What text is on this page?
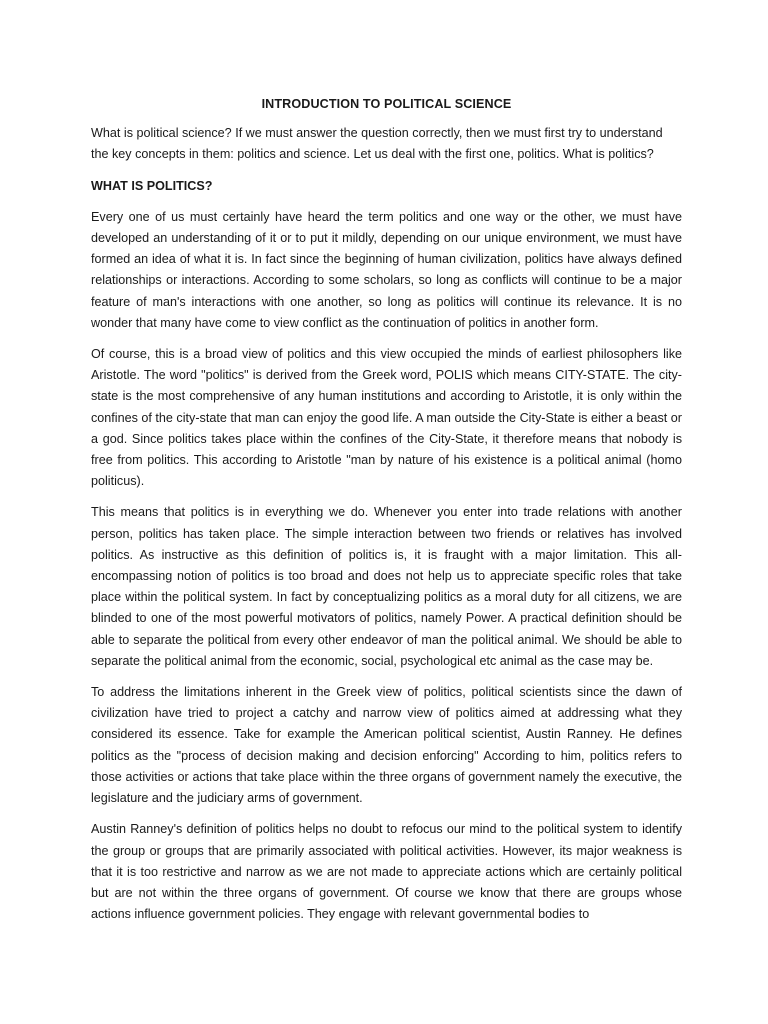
INTRODUCTION TO POLITICAL SCIENCE
What is political science? If we must answer the question correctly, then we must first try to understand the key concepts in them: politics and science. Let us deal with the first one, politics. What is politics?
WHAT IS POLITICS?
Every one of us must certainly have heard the term politics and one way or the other, we must have developed an understanding of it or to put it mildly, depending on our unique environment, we must have formed an idea of what it is. In fact since the beginning of human civilization, politics have always defined relationships or interactions. According to some scholars, so long as conflicts will continue to be a major feature of man's interactions with one another, so long as politics will continue its relevance. It is no wonder that many have come to view conflict as the continuation of politics in another form.
Of course, this is a broad view of politics and this view occupied the minds of earliest philosophers like Aristotle. The word "politics" is derived from the Greek word, POLIS which means CITY-STATE. The city-state is the most comprehensive of any human institutions and according to Aristotle, it is only within the confines of the city-state that man can enjoy the good life. A man outside the City-State is either a beast or a god. Since politics takes place within the confines of the City-State, it therefore means that nobody is free from politics. This according to Aristotle "man by nature of his existence is a political animal (homo politicus).
This means that politics is in everything we do. Whenever you enter into trade relations with another person, politics has taken place. The simple interaction between two friends or relatives has involved politics. As instructive as this definition of politics is, it is fraught with a major limitation. This all-encompassing notion of politics is too broad and does not help us to appreciate specific roles that take place within the political system. In fact by conceptualizing politics as a moral duty for all citizens, we are blinded to one of the most powerful motivators of politics, namely Power. A practical definition should be able to separate the political from every other endeavor of man the political animal. We should be able to separate the political animal from the economic, social, psychological etc animal as the case may be.
To address the limitations inherent in the Greek view of politics, political scientists since the dawn of civilization have tried to project a catchy and narrow view of politics aimed at addressing what they considered its essence. Take for example the American political scientist, Austin Ranney. He defines politics as the "process of decision making and decision enforcing" According to him, politics refers to those activities or actions that take place within the three organs of government namely the executive, the legislature and the judiciary arms of government.
Austin Ranney's definition of politics helps no doubt to refocus our mind to the political system to identify the group or groups that are primarily associated with political activities. However, its major weakness is that it is too restrictive and narrow as we are not made to appreciate actions which are certainly political but are not within the three organs of government. Of course we know that there are groups whose actions influence government policies. They engage with relevant governmental bodies to
